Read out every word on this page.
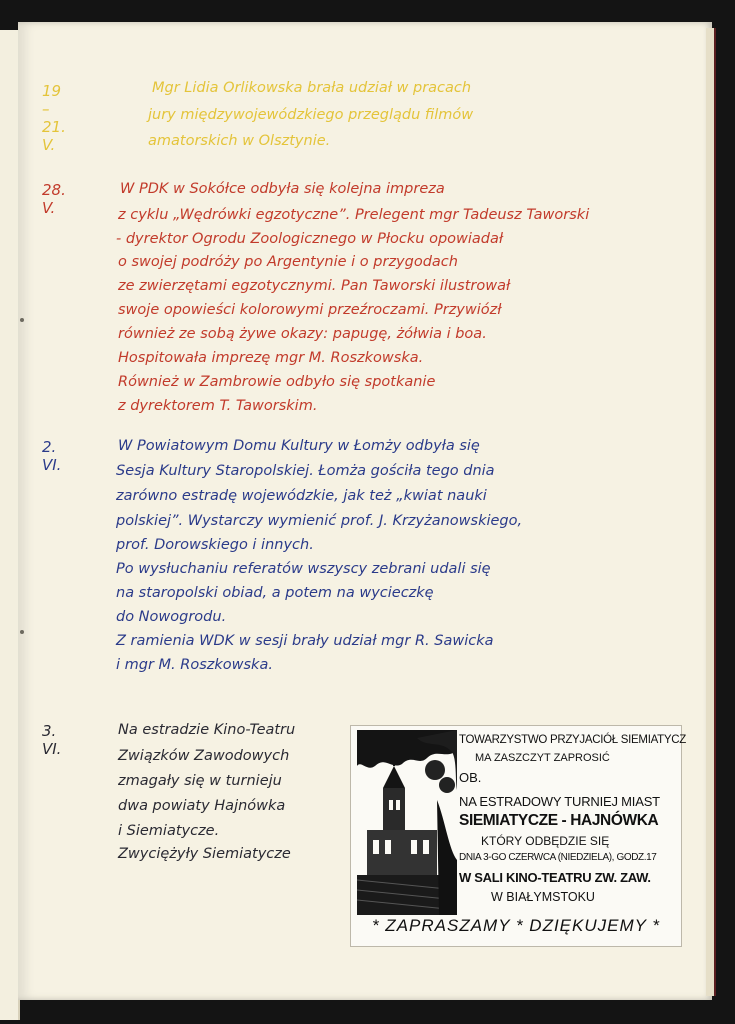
19 – 21. V.
Mgr Lidia Orlikowska brała udział w pracach
jury międzywojewódzkiego przeglądu filmów
amatorskich w Olsztynie.
28. V.
W PDK w Sokółce odbyła się kolejna impreza
z cyklu „Wędrówki egzotyczne”. Prelegent mgr Tadeusz Taworski
- dyrektor Ogrodu Zoologicznego w Płocku opowiadał
o swojej podróży po Argentynie i o przygodach
ze zwierzętami egzotycznymi. Pan Taworski ilustrował
swoje opowieści kolorowymi przeźroczami. Przywiózł
również ze sobą żywe okazy: papugę, żółwia i boa.
Hospitowała imprezę mgr M. Roszkowska.
Również w Zambrowie odbyło się spotkanie
z dyrektorem T. Taworskim.
2. VI.
W Powiatowym Domu Kultury w Łomży odbyła się
Sesja Kultury Staropolskiej. Łomża gościła tego dnia
zarówno estradę wojewódzkie, jak też „kwiat nauki
polskiej”. Wystarczy wymienić prof. J. Krzyżanowskiego,
prof. Dorowskiego i innych.
Po wysłuchaniu referatów wszyscy zebrani udali się
na staropolski obiad, a potem na wycieczkę
do Nowogrodu.
Z ramienia WDK w sesji brały udział mgr R. Sawicka
i mgr M. Roszkowska.
3. VI.
Na estradzie Kino-Teatru
Związków Zawodowych
zmagały się w turnieju
dwa powiaty Hajnówka
i Siemiatycze.
Zwyciężyły Siemiatycze
TOWARZYSTWO PRZYJACIÓŁ SIEMIATYCZ
MA ZASZCZYT ZAPROSIĆ
OB.
NA ESTRADOWY TURNIEJ MIAST
SIEMIATYCZE - HAJNÓWKA
KTÓRY ODBĘDZIE SIĘ
DNIA 3-GO CZERWCA (NIEDZIELA), GODZ.17
W SALI KINO-TEATRU ZW. ZAW.
W BIAŁYMSTOKU
* ZAPRASZAMY * DZIĘKUJEMY *
